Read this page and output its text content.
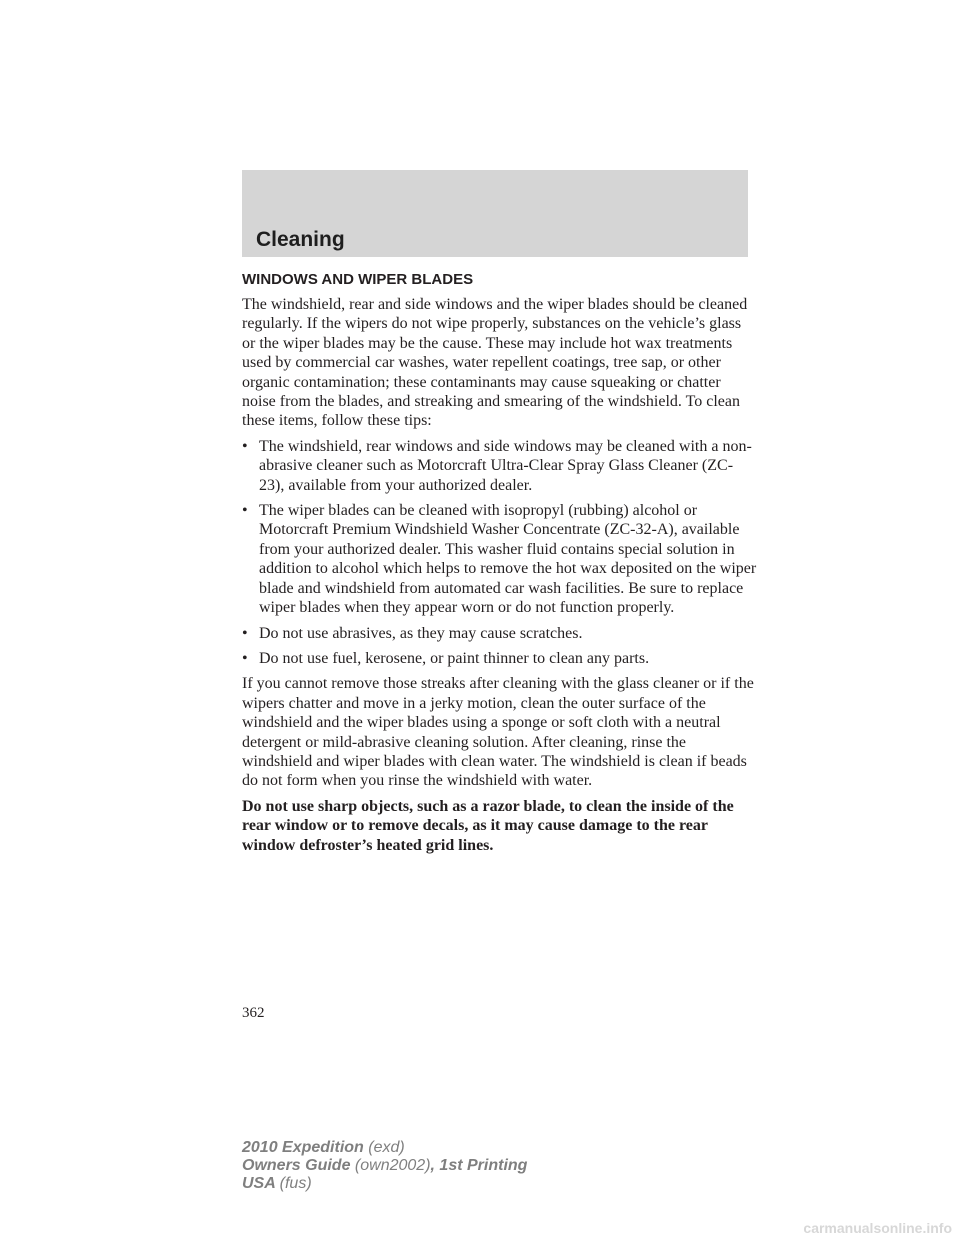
Cleaning
WINDOWS AND WIPER BLADES

The windshield, rear and side windows and the wiper blades should be cleaned regularly. If the wipers do not wipe properly, substances on the vehicle’s glass or the wiper blades may be the cause. These may include hot wax treatments used by commercial car washes, water repellent coatings, tree sap, or other organic contamination; these contaminants may cause squeaking or chatter noise from the blades, and streaking and smearing of the windshield. To clean these items, follow these tips:

• The windshield, rear windows and side windows may be cleaned with a non-abrasive cleaner such as Motorcraft Ultra-Clear Spray Glass Cleaner (ZC-23), available from your authorized dealer.
• The wiper blades can be cleaned with isopropyl (rubbing) alcohol or Motorcraft Premium Windshield Washer Concentrate (ZC-32-A), available from your authorized dealer. This washer fluid contains special solution in addition to alcohol which helps to remove the hot wax deposited on the wiper blade and windshield from automated car wash facilities. Be sure to replace wiper blades when they appear worn or do not function properly.
• Do not use abrasives, as they may cause scratches.
• Do not use fuel, kerosene, or paint thinner to clean any parts.

If you cannot remove those streaks after cleaning with the glass cleaner or if the wipers chatter and move in a jerky motion, clean the outer surface of the windshield and the wiper blades using a sponge or soft cloth with a neutral detergent or mild-abrasive cleaning solution. After cleaning, rinse the windshield and wiper blades with clean water. The windshield is clean if beads do not form when you rinse the windshield with water.

Do not use sharp objects, such as a razor blade, to clean the inside of the rear window or to remove decals, as it may cause damage to the rear window defroster’s heated grid lines.

362
2010 Expedition (exd)
Owners Guide (own2002), 1st Printing
USA (fus)
carmanualsonline.info
